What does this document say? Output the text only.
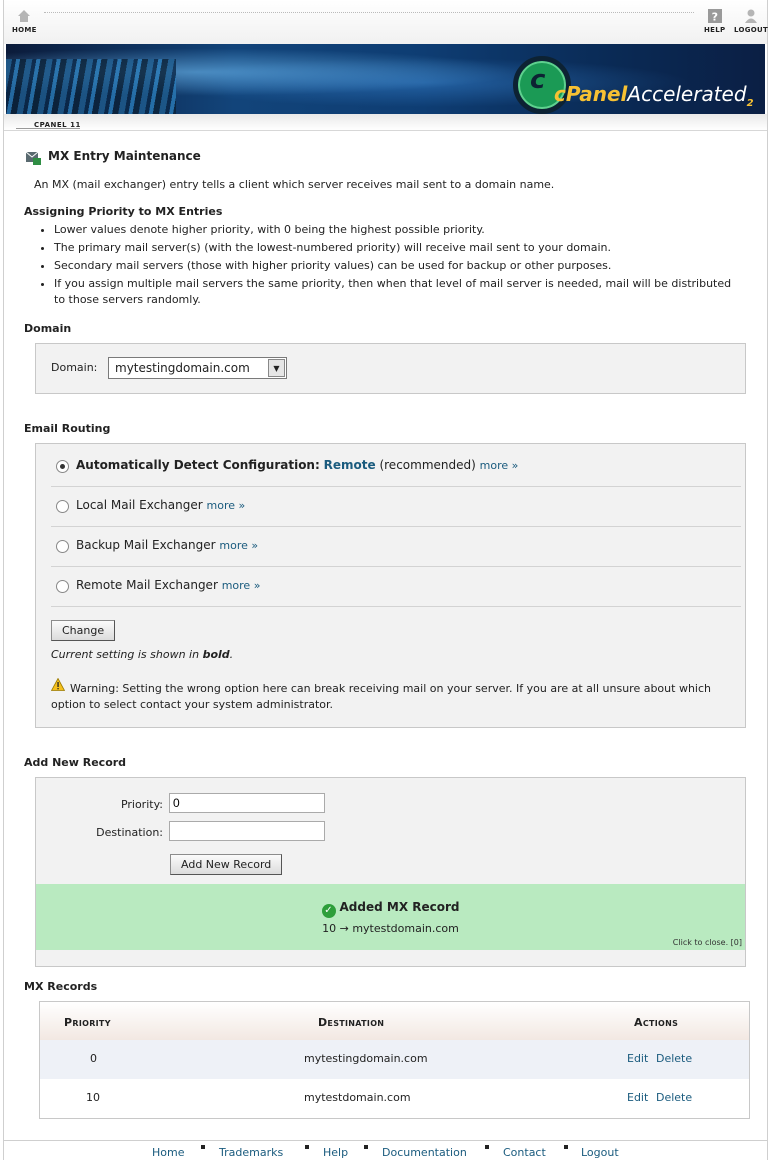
HOME
?
HELP LOGOUT
c cPanelAccelerated$_2$
CPANEL 11
MX Entry Maintenance
An MX (mail exchanger) entry tells a client which server receives mail sent to a domain name.
Assigning Priority to MX Entries
• Lower values denote higher priority, with 0 being the highest possible priority.
• The primary mail server(s) (with the lowest-numbered priority) will receive mail sent to your domain.
• Secondary mail servers (those with higher priority values) can be used for backup or other purposes.
• If you assign multiple mail servers the same priority, then when that level of mail server is needed, mail will be distributed to those servers randomly.
Domain
Domain:	mytestingdomain.com	▼
Email Routing
Automatically Detect Configuration: Remote (recommended) more »
Local Mail Exchanger more »
Backup Mail Exchanger more »
Remote Mail Exchanger more »
Change
Current setting is shown in bold.
Warning: Setting the wrong option here can break receiving mail on your server. If you are at all unsure about which option to select contact your system administrator.
Add New Record
Priority:
0
Destination:
Add New Record
✓ Added MX Record
10 → mytestdomain.com
Click to close. [0]
MX Records
Priority	Destination	Actions
0	mytestingdomain.com	Edit Delete
10	mytestdomain.com	Edit Delete
Home	Trademarks	Help	Documentation	Contact	Logout
